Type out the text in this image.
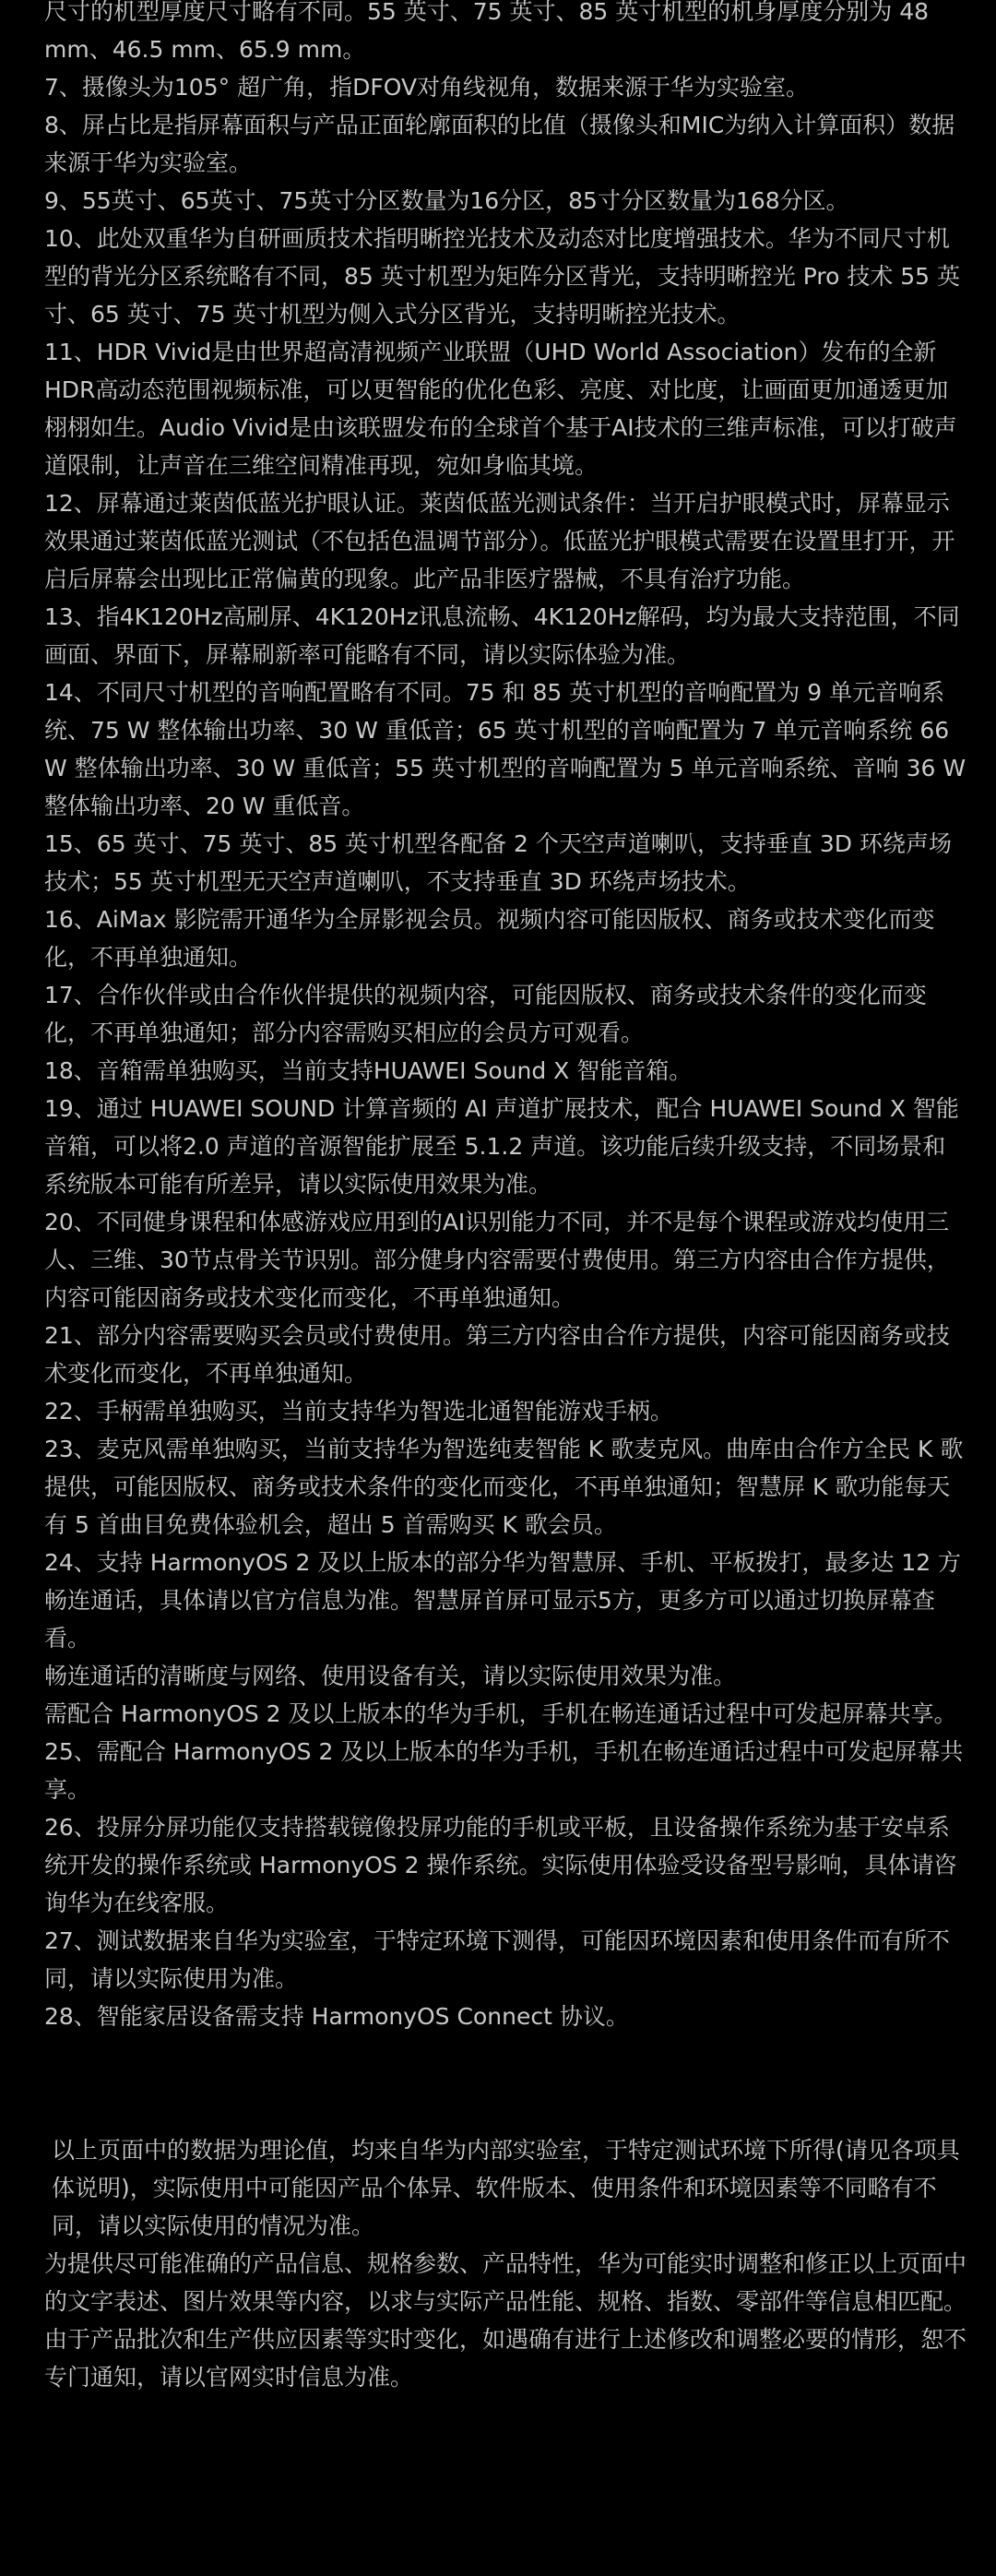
尺寸的机型厚度尺寸略有不同。55 英寸、75 英寸、85 英寸机型的机身厚度分别为 48 mm、46.5 mm、65.9 mm。

7、摄像头为105° 超广角，指DFOV对角线视角，数据来源于华为实验室。

8、屏占比是指屏幕面积与产品正面轮廓面积的比值（摄像头和MIC为纳入计算面积）数据来源于华为实验室。

9、55英寸、65英寸、75英寸分区数量为16分区，85寸分区数量为168分区。

10、此处双重华为自研画质技术指明晰控光技术及动态对比度增强技术。华为不同尺寸机型的背光分区系统略有不同，85 英寸机型为矩阵分区背光，支持明晰控光 Pro 技术 55 英寸、65 英寸、75 英寸机型为侧入式分区背光，支持明晰控光技术。

11、HDR Vivid是由世界超高清视频产业联盟（UHD World Association）发布的全新HDR高动态范围视频标准，可以更智能的优化色彩、亮度、对比度，让画面更加通透更加栩栩如生。Audio Vivid是由该联盟发布的全球首个基于AI技术的三维声标准，可以打破声道限制，让声音在三维空间精准再现，宛如身临其境。

12、屏幕通过莱茵低蓝光护眼认证。莱茵低蓝光测试条件：当开启护眼模式时，屏幕显示效果通过莱茵低蓝光测试（不包括色温调节部分）。低蓝光护眼模式需要在设置里打开，开启后屏幕会出现比正常偏黄的现象。此产品非医疗器械，不具有治疗功能。

13、指4K120Hz高刷屏、4K120Hz讯息流畅、4K120Hz解码，均为最大支持范围，不同画面、界面下，屏幕刷新率可能略有不同，请以实际体验为准。

14、不同尺寸机型的音响配置略有不同。75 和 85 英寸机型的音响配置为 9 单元音响系统、75 W 整体输出功率、30 W 重低音；65 英寸机型的音响配置为 7 单元音响系统 66 W 整体输出功率、30 W 重低音；55 英寸机型的音响配置为 5 单元音响系统、音响 36 W 整体输出功率、20 W 重低音。

15、65 英寸、75 英寸、85 英寸机型各配备 2 个天空声道喇叭，支持垂直 3D 环绕声场技术；55 英寸机型无天空声道喇叭，不支持垂直 3D 环绕声场技术。

16、AiMax 影院需开通华为全屏影视会员。视频内容可能因版权、商务或技术变化而变化，不再单独通知。

17、合作伙伴或由合作伙伴提供的视频内容，可能因版权、商务或技术条件的变化而变化，不再单独通知；部分内容需购买相应的会员方可观看。

18、音箱需单独购买，当前支持HUAWEI Sound X 智能音箱。

19、通过 HUAWEI SOUND 计算音频的 AI 声道扩展技术，配合 HUAWEI Sound X 智能音箱，可以将2.0 声道的音源智能扩展至 5.1.2 声道。该功能后续升级支持，不同场景和系统版本可能有所差异，请以实际使用效果为准。

20、不同健身课程和体感游戏应用到的AI识别能力不同，并不是每个课程或游戏均使用三人、三维、30节点骨关节识别。部分健身内容需要付费使用。第三方内容由合作方提供，内容可能因商务或技术变化而变化，不再单独通知。

21、部分内容需要购买会员或付费使用。第三方内容由合作方提供，内容可能因商务或技术变化而变化，不再单独通知。

22、手柄需单独购买，当前支持华为智选北通智能游戏手柄。

23、麦克风需单独购买，当前支持华为智选纯麦智能 K 歌麦克风。曲库由合作方全民 K 歌提供，可能因版权、商务或技术条件的变化而变化，不再单独通知；智慧屏 K 歌功能每天有 5 首曲目免费体验机会，超出 5 首需购买 K 歌会员。

24、支持 HarmonyOS 2 及以上版本的部分华为智慧屏、手机、平板拨打，最多达 12 方畅连通话，具体请以官方信息为准。智慧屏首屏可显示5方，更多方可以通过切换屏幕查看。

畅连通话的清晰度与网络、使用设备有关，请以实际使用效果为准。

需配合 HarmonyOS 2 及以上版本的华为手机，手机在畅连通话过程中可发起屏幕共享。

25、需配合 HarmonyOS 2 及以上版本的华为手机，手机在畅连通话过程中可发起屏幕共享。

26、投屏分屏功能仅支持搭载镜像投屏功能的手机或平板，且设备操作系统为基于安卓系统开发的操作系统或 HarmonyOS 2 操作系统。实际使用体验受设备型号影响，具体请咨询华为在线客服。

27、测试数据来自华为实验室，于特定环境下测得，可能因环境因素和使用条件而有所不同，请以实际使用为准。

28、智能家居设备需支持 HarmonyOS Connect 协议。

以上页面中的数据为理论值，均来自华为内部实验室，于特定测试环境下所得(请见各项具体说明)，实际使用中可能因产品个体异、软件版本、使用条件和环境因素等不同略有不同，请以实际使用的情况为准。

为提供尽可能准确的产品信息、规格参数、产品特性，华为可能实时调整和修正以上页面中的文字表述、图片效果等内容，以求与实际产品性能、规格、指数、零部件等信息相匹配。由于产品批次和生产供应因素等实时变化，如遇确有进行上述修改和调整必要的情形，恕不专门通知，请以官网实时信息为准。
